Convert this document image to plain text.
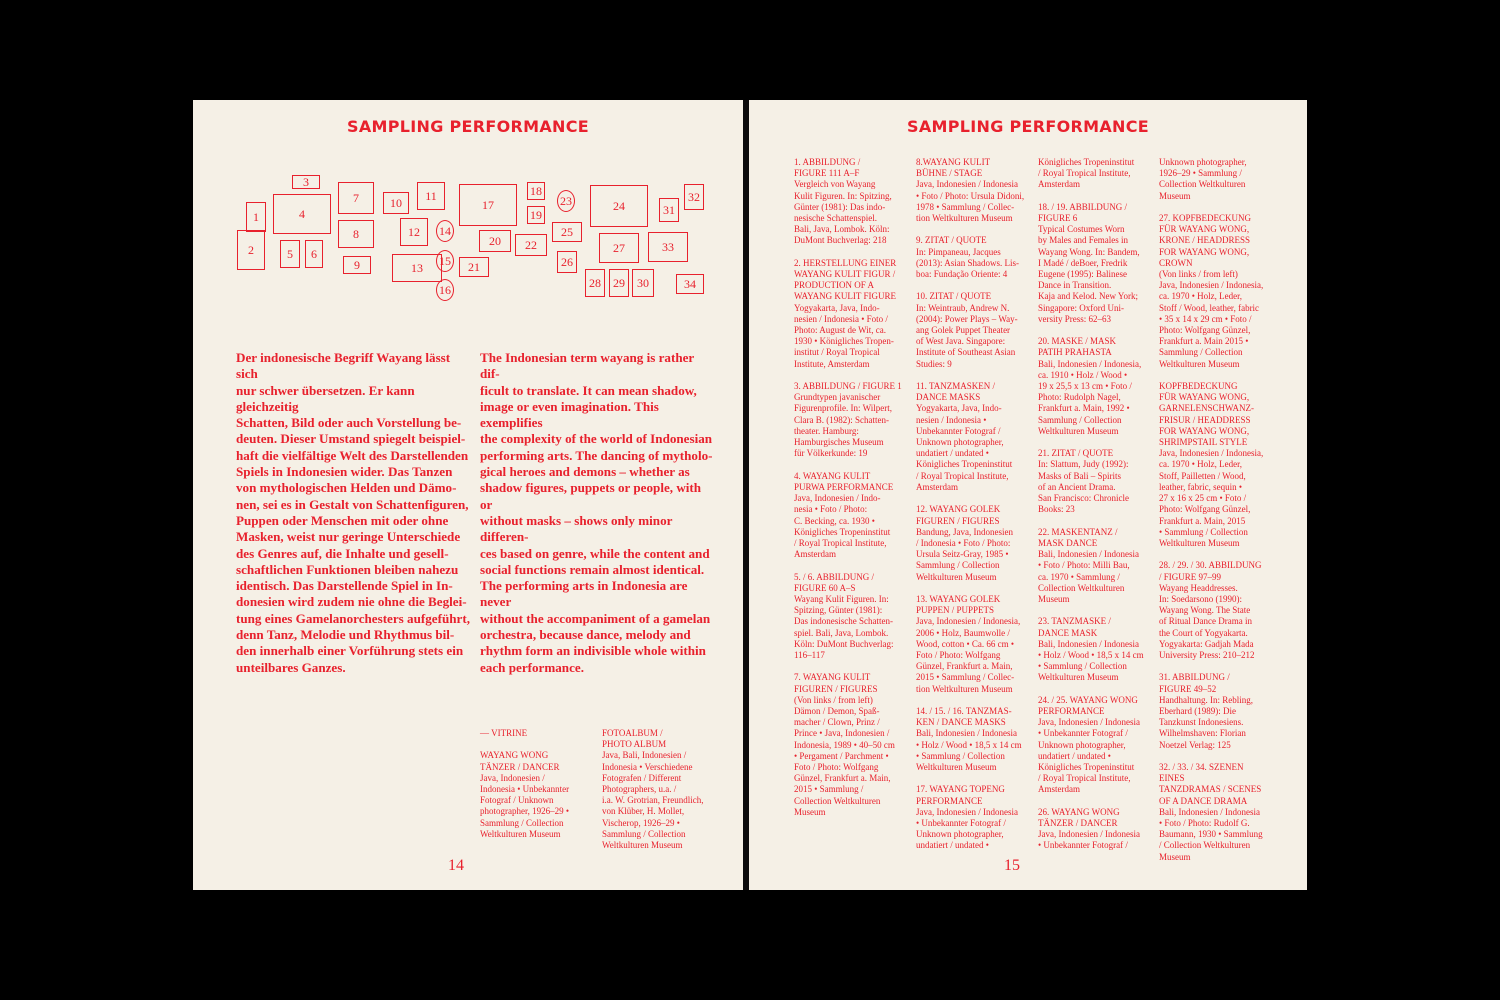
SAMPLING PERFORMANCE
1
2
3
4
5	6
7
8
9
10	11
12
13
14
15
16
17
18
19
20
21
22
23	24
25
26
27
28	29	30
31
32
33
34
Der indonesische Begriff Wayang lässt sich
nur schwer übersetzen. Er kann gleichzeitig
Schatten, Bild oder auch Vorstellung be-
deuten. Dieser Umstand spiegelt beispiel-
haft die vielfältige Welt des Darstellenden
Spiels in Indonesien wider. Das Tanzen
von mythologischen Helden und Dämo-
nen, sei es in Gestalt von Schattenfiguren,
Puppen oder Menschen mit oder ohne
Masken, weist nur geringe Unterschiede
des Genres auf, die Inhalte und gesell-
schaftlichen Funktionen bleiben nahezu
identisch. Das Darstellende Spiel in In-
donesien wird zudem nie ohne die Beglei-
tung eines Gamelanorchesters aufgeführt,
denn Tanz, Melodie und Rhythmus bil-
den innerhalb einer Vorführung stets ein
unteilbares Ganzes.
The Indonesian term wayang is rather dif-
ficult to translate. It can mean shadow,
image or even imagination. This exemplifies
the complexity of the world of Indonesian
performing arts. The dancing of mytholo-
gical heroes and demons – whether as
shadow figures, puppets or people, with or
without masks – shows only minor differen-
ces based on genre, while the content and
social functions remain almost identical.
The performing arts in Indonesia are never
without the accompaniment of a gamelan
orchestra, because dance, melody and
rhythm form an indivisible whole within
each performance.
— VITRINE

WAYANG WONG
TÄNZER / DANCER
Java, Indonesien /
Indonesia • Unbekannter
Fotograf / Unknown
photographer, 1926–29 •
Sammlung / Collection
Weltkulturen Museum
FOTOALBUM /
PHOTO ALBUM
Java, Bali, Indonesien /
Indonesia • Verschiedene
Fotografen / Different
Photographers, u.a. /
i.a. W. Grotrian, Freundlich,
von Klüber, H. Mollet,
Vischerop, 1926–29 •
Sammlung / Collection
Weltkulturen Museum
14
SAMPLING PERFORMANCE
1. ABBILDUNG /
FIGURE 111 A–F
Vergleich von Wayang
Kulit Figuren. In: Spitzing,
Günter (1981): Das indo-
nesische Schattenspiel.
Bali, Java, Lombok. Köln:
DuMont Buchverlag: 218

2. HERSTELLUNG EINER
WAYANG KULIT FIGUR /
PRODUCTION OF A
WAYANG KULIT FIGURE
Yogyakarta, Java, Indo-
nesien / Indonesia • Foto /
Photo: August de Wit, ca.
1930 • Königliches Tropen-
institut / Royal Tropical
Institute, Amsterdam

3. ABBILDUNG / FIGURE 1
Grundtypen javanischer
Figurenprofile. In: Wilpert,
Clara B. (1982): Schatten-
theater. Hamburg:
Hamburgisches Museum
für Völkerkunde: 19

4. WAYANG KULIT
PURWA PERFORMANCE
Java, Indonesien / Indo-
nesia • Foto / Photo:
C. Becking, ca. 1930 •
Königliches Tropeninstitut
/ Royal Tropical Institute,
Amsterdam

5. / 6. ABBILDUNG /
FIGURE 60 A–S
Wayang Kulit Figuren. In:
Spitzing, Günter (1981):
Das indonesische Schatten-
spiel. Bali, Java, Lombok.
Köln: DuMont Buchverlag:
116–117

7. WAYANG KULIT
FIGUREN / FIGURES
(Von links / from left)
Dämon / Demon, Spaß-
macher / Clown, Prinz /
Prince • Java, Indonesien /
Indonesia, 1989 • 40–50 cm
• Pergament / Parchment •
Foto / Photo: Wolfgang
Günzel, Frankfurt a. Main,
2015 • Sammlung /
Collection Weltkulturen
Museum
8.WAYANG KULIT
BÜHNE / STAGE
Java, Indonesien / Indonesia
• Foto / Photo: Ursula Didoni,
1978 • Sammlung / Collec-
tion Weltkulturen Museum

9. ZITAT / QUOTE
In: Pimpaneau, Jacques
(2013): Asian Shadows. Lis-
boa: Fundação Oriente: 4

10. ZITAT / QUOTE
In: Weintraub, Andrew N.
(2004): Power Plays – Way-
ang Golek Puppet Theater
of West Java. Singapore:
Institute of Southeast Asian
Studies: 9

11. TANZMASKEN /
DANCE MASKS
Yogyakarta, Java, Indo-
nesien / Indonesia •
Unbekannter Fotograf /
Unknown photographer,
undatiert / undated •
Königliches Tropeninstitut
/ Royal Tropical Institute,
Amsterdam

12. WAYANG GOLEK
FIGUREN / FIGURES
Bandung, Java, Indonesien
/ Indonesia • Foto / Photo:
Ursula Seitz-Gray, 1985 •
Sammlung / Collection
Weltkulturen Museum

13. WAYANG GOLEK
PUPPEN / PUPPETS
Java, Indonesien / Indonesia,
2006 • Holz, Baumwolle /
Wood, cotton • Ca. 66 cm •
Foto / Photo: Wolfgang
Günzel, Frankfurt a. Main,
2015 • Sammlung / Collec-
tion Weltkulturen Museum

14. / 15. / 16. TANZMAS-
KEN / DANCE MASKS
Bali, Indonesien / Indonesia
• Holz / Wood • 18,5 x 14 cm
• Sammlung / Collection
Weltkulturen Museum

17. WAYANG TOPENG
PERFORMANCE
Java, Indonesien / Indonesia
• Unbekannter Fotograf /
Unknown photographer,
undatiert / undated •
Königliches Tropeninstitut
/ Royal Tropical Institute,
Amsterdam

18. / 19. ABBILDUNG /
FIGURE 6
Typical Costumes Worn
by Males and Females in
Wayang Wong. In: Bandem,
I Madé / deBoer, Fredrik
Eugene (1995): Balinese
Dance in Transition.
Kaja and Kelod. New York;
Singapore: Oxford Uni-
versity Press: 62–63

20. MASKE / MASK
PATIH PRAHASTA
Bali, Indonesien / Indonesia,
ca. 1910 • Holz / Wood •
19 x 25,5 x 13 cm • Foto /
Photo: Rudolph Nagel,
Frankfurt a. Main, 1992 •
Sammlung / Collection
Weltkulturen Museum

21. ZITAT / QUOTE
In: Slattum, Judy (1992):
Masks of Bali – Spirits
of an Ancient Drama.
San Francisco: Chronicle
Books: 23

22. MASKENTANZ /
MASK DANCE
Bali, Indonesien / Indonesia
• Foto / Photo: Milli Bau,
ca. 1970 • Sammlung /
Collection Weltkulturen
Museum

23. TANZMASKE /
DANCE MASK
Bali, Indonesien / Indonesia
• Holz / Wood • 18,5 x 14 cm
• Sammlung / Collection
Weltkulturen Museum

24. / 25. WAYANG WONG
PERFORMANCE
Java, Indonesien / Indonesia
• Unbekannter Fotograf /
Unknown photographer,
undatiert / undated •
Königliches Tropeninstitut
/ Royal Tropical Institute,
Amsterdam

26. WAYANG WONG
TÄNZER / DANCER
Java, Indonesien / Indonesia
• Unbekannter Fotograf /
Unknown photographer,
1926–29 • Sammlung /
Collection Weltkulturen
Museum

27. KOPFBEDECKUNG
FÜR WAYANG WONG,
KRONE / HEADDRESS
FOR WAYANG WONG,
CROWN
(Von links / from left)
Java, Indonesien / Indonesia,
ca. 1970 • Holz, Leder,
Stoff / Wood, leather, fabric
• 35 x 14 x 29 cm • Foto /
Photo: Wolfgang Günzel,
Frankfurt a. Main 2015 •
Sammlung / Collection
Weltkulturen Museum

KOPFBEDECKUNG
FÜR WAYANG WONG,
GARNELENSCHWANZ-
FRISUR / HEADDRESS
FOR WAYANG WONG,
SHRIMPSTAIL STYLE
Java, Indonesien / Indonesia,
ca. 1970 • Holz, Leder,
Stoff, Pailletten / Wood,
leather, fabric, sequin •
27 x 16 x 25 cm • Foto /
Photo: Wolfgang Günzel,
Frankfurt a. Main, 2015
• Sammlung / Collection
Weltkulturen Museum

28. / 29. / 30. ABBILDUNG
/ FIGURE 97–99
Wayang Headdresses.
In: Soedarsono (1990):
Wayang Wong. The State
of Ritual Dance Drama in
the Court of Yogyakarta.
Yogyakarta: Gadjah Mada
University Press: 210–212

31. ABBILDUNG /
FIGURE 49–52
Handhaltung. In: Rebling,
Eberhard (1989): Die
Tanzkunst Indonesiens.
Wilhelmshaven: Florian
Noetzel Verlag: 125

32. / 33. / 34. SZENEN EINES
TANZDRAMAS / SCENES
OF A DANCE DRAMA
Bali, Indonesien / Indonesia
• Foto / Photo: Rudolf G.
Baumann, 1930 • Sammlung
/ Collection Weltkulturen
Museum
15
